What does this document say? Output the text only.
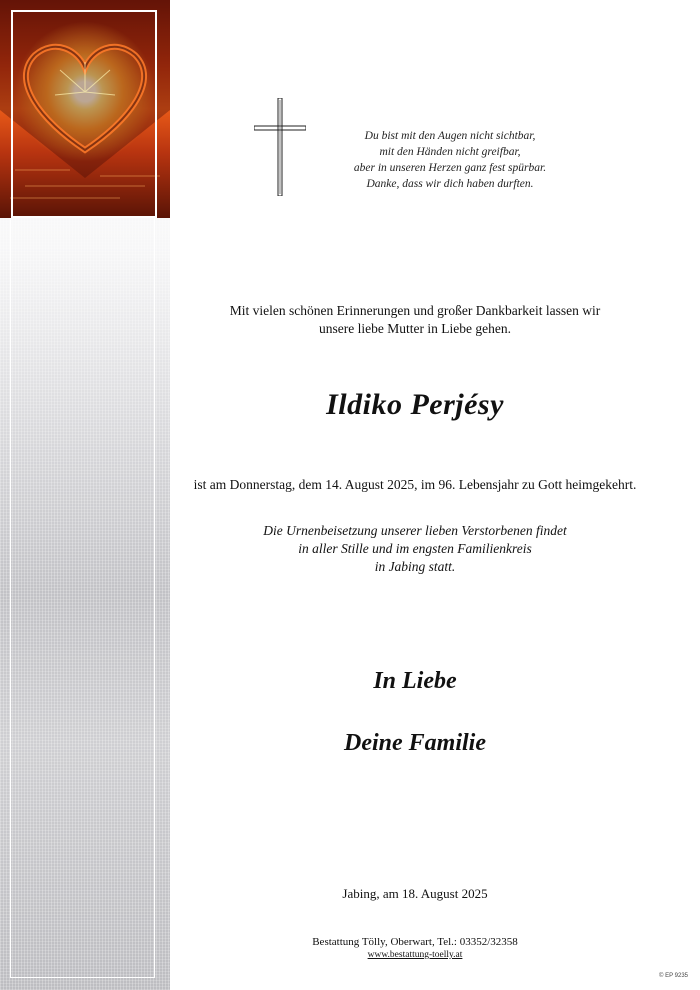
Du bist mit den Augen nicht sichtbar,
mit den Händen nicht greifbar,
aber in unseren Herzen ganz fest spürbar.
Danke, dass wir dich haben durften.
Mit vielen schönen Erinnerungen und großer Dankbarkeit lassen wir
unsere liebe Mutter in Liebe gehen.
Ildiko Perjésy
ist am Donnerstag, dem 14. August 2025, im 96. Lebensjahr zu Gott heimgekehrt.
Die Urnenbeisetzung unserer lieben Verstorbenen findet
in aller Stille und im engsten Familienkreis
in Jabing statt.
In Liebe
Deine Familie
Jabing, am 18. August 2025
Bestattung Tölly, Oberwart, Tel.: 03352/32358
www.bestattung-toelly.at
© EP 9235
